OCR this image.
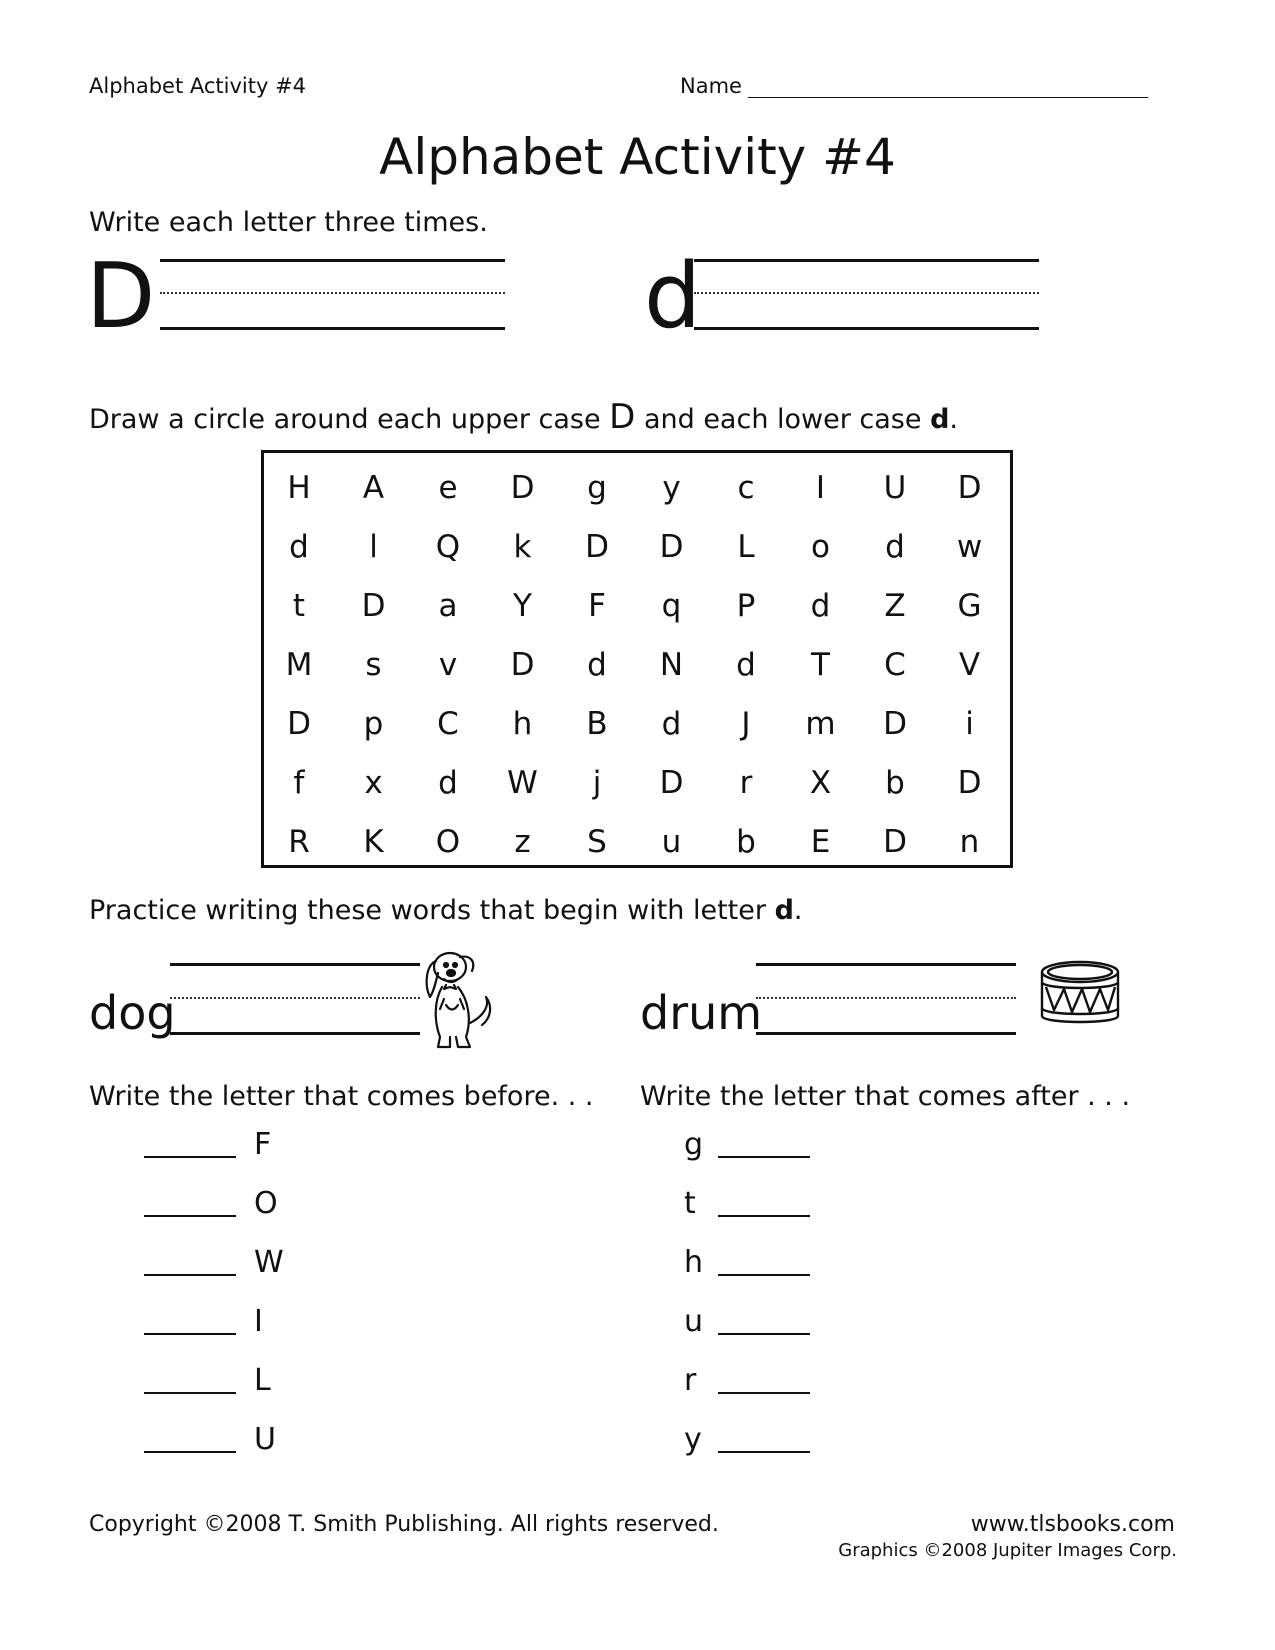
Alphabet Activity #4	Name
Alphabet Activity #4
Write each letter three times.
D	d
Draw a circle around each upper case D and each lower case d.
H	A	e	D	g	y	c	I	U	D
d	l	Q	k	D	D	L	o	d	w
t	D	a	Y	F	q	P	d	Z	G
M	s	v	D	d	N	d	T	C	V
D	p	C	h	B	d	J	m	D	i
f	x	d	W	j	D	r	X	b	D
R	K	O	z	S	u	b	E	D	n
Practice writing these words that begin with letter d.
dog	drum
Write the letter that comes before. . . Write the letter that comes after . . .
F
O
W
I
L
U
g
t
h
u
r
y
Copyright ©2008 T. Smith Publishing. All rights reserved.	www.tlsbooks.com
Graphics ©2008 Jupiter Images Corp.
